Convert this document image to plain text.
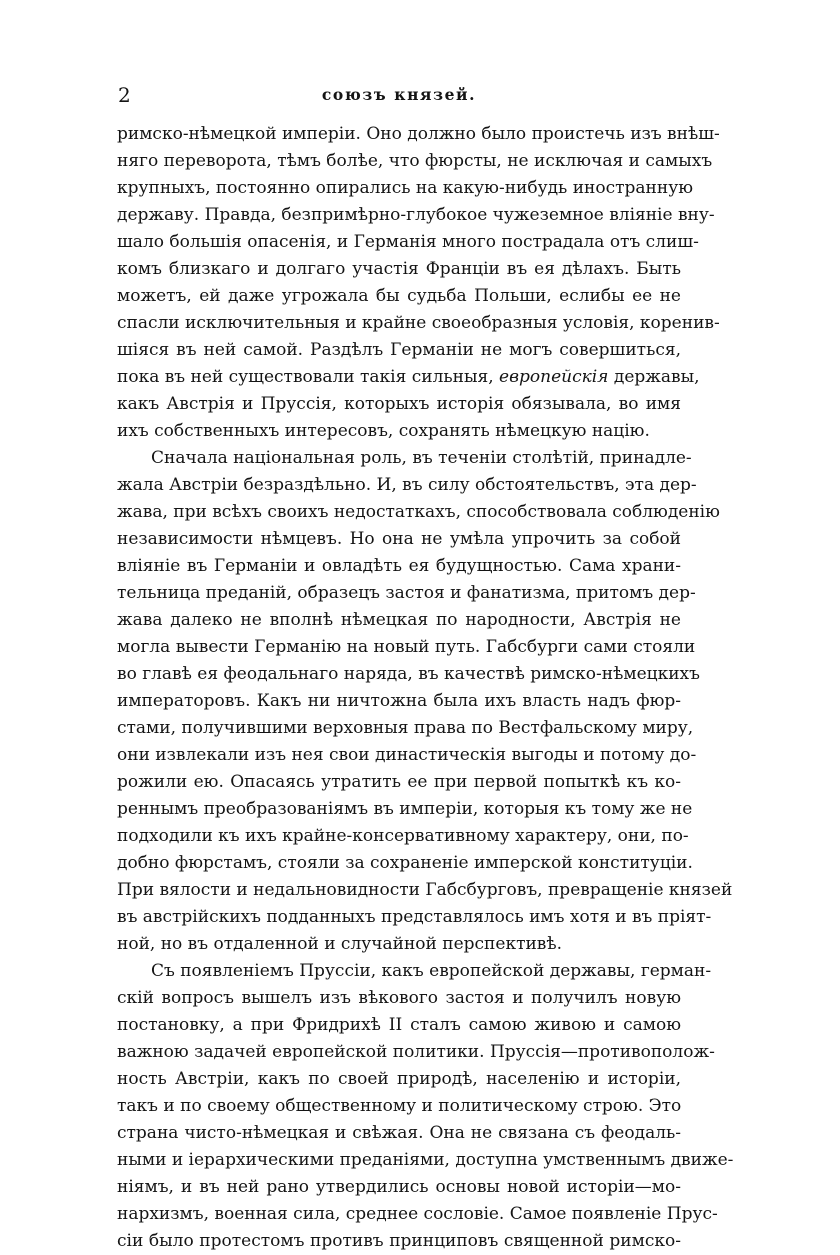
2	союзъ князей.
римско-нѣмецкой имперіи. Оно должно было проистечь изъ внѣш-
няго переворота, тѣмъ болѣе, что фюрсты, не исключая и самыхъ
крупныхъ, постоянно опирались на какую-нибудь иностранную
державу. Правда, безпримѣрно-глубокое чужеземное вліяніе вну-
шало большія опасенія, и Германія много пострадала отъ слиш-
комъ близкаго и долгаго участія Франціи въ ея дѣлахъ. Быть
можетъ, ей даже угрожала бы судьба Польши, еслибы ее не
спасли исключительныя и крайне своеобразныя условія, коренив-
шіяся въ ней самой. Раздѣлъ Германіи не могъ совершиться,
пока въ ней существовали такія сильныя, европейскія державы,
какъ Австрія и Пруссія, которыхъ исторія обязывала, во имя
ихъ собственныхъ интересовъ, сохранять нѣмецкую націю.
Сначала національная роль, въ теченіи столѣтій, принадле-
жала Австріи безраздѣльно. И, въ силу обстоятельствъ, эта дер-
жава, при всѣхъ своихъ недостаткахъ, способствовала соблюденію
независимости нѣмцевъ. Но она не умѣла упрочить за собой
вліяніе въ Германіи и овладѣть ея будущностью. Сама храни-
тельница преданій, образецъ застоя и фанатизма, притомъ дер-
жава далеко не вполнѣ нѣмецкая по народности, Австрія не
могла вывести Германію на новый путь. Габсбурги сами стояли
во главѣ ея феодальнаго наряда, въ качествѣ римско-нѣмецкихъ
императоровъ. Какъ ни ничтожна была ихъ власть надъ фюр-
стами, получившими верховныя права по Вестфальскому миру,
они извлекали изъ нея свои династическія выгоды и потому до-
рожили ею. Опасаясь утратить ее при первой попыткѣ къ ко-
реннымъ преобразованіямъ въ имперіи, которыя къ тому же не
подходили къ ихъ крайне-консервативному характеру, они, по-
добно фюрстамъ, стояли за сохраненіе имперской конституціи.
При вялости и недальновидности Габсбурговъ, превращеніе князей
въ австрійскихъ подданныхъ представлялось имъ хотя и въ пріят-
ной, но въ отдаленной и случайной перспективѣ.
Съ появленіемъ Пруссіи, какъ европейской державы, герман-
скій вопросъ вышелъ изъ вѣкового застоя и получилъ новую
постановку, а при Фридрихѣ II сталъ самою живою и самою
важною задачей европейской политики. Пруссія—противополож-
ность Австріи, какъ по своей природѣ, населенію и исторіи,
такъ и по своему общественному и политическому строю. Это
страна чисто-нѣмецкая и свѣжая. Она не связана съ феодаль-
ными и іерархическими преданіями, доступна умственнымъ движе-
ніямъ, и въ ней рано утвердились основы новой исторіи—мо-
нархизмъ, военная сила, среднее сословіе. Самое появленіе Прус-
сіи было протестомъ противъ принциповъ священной римско-
